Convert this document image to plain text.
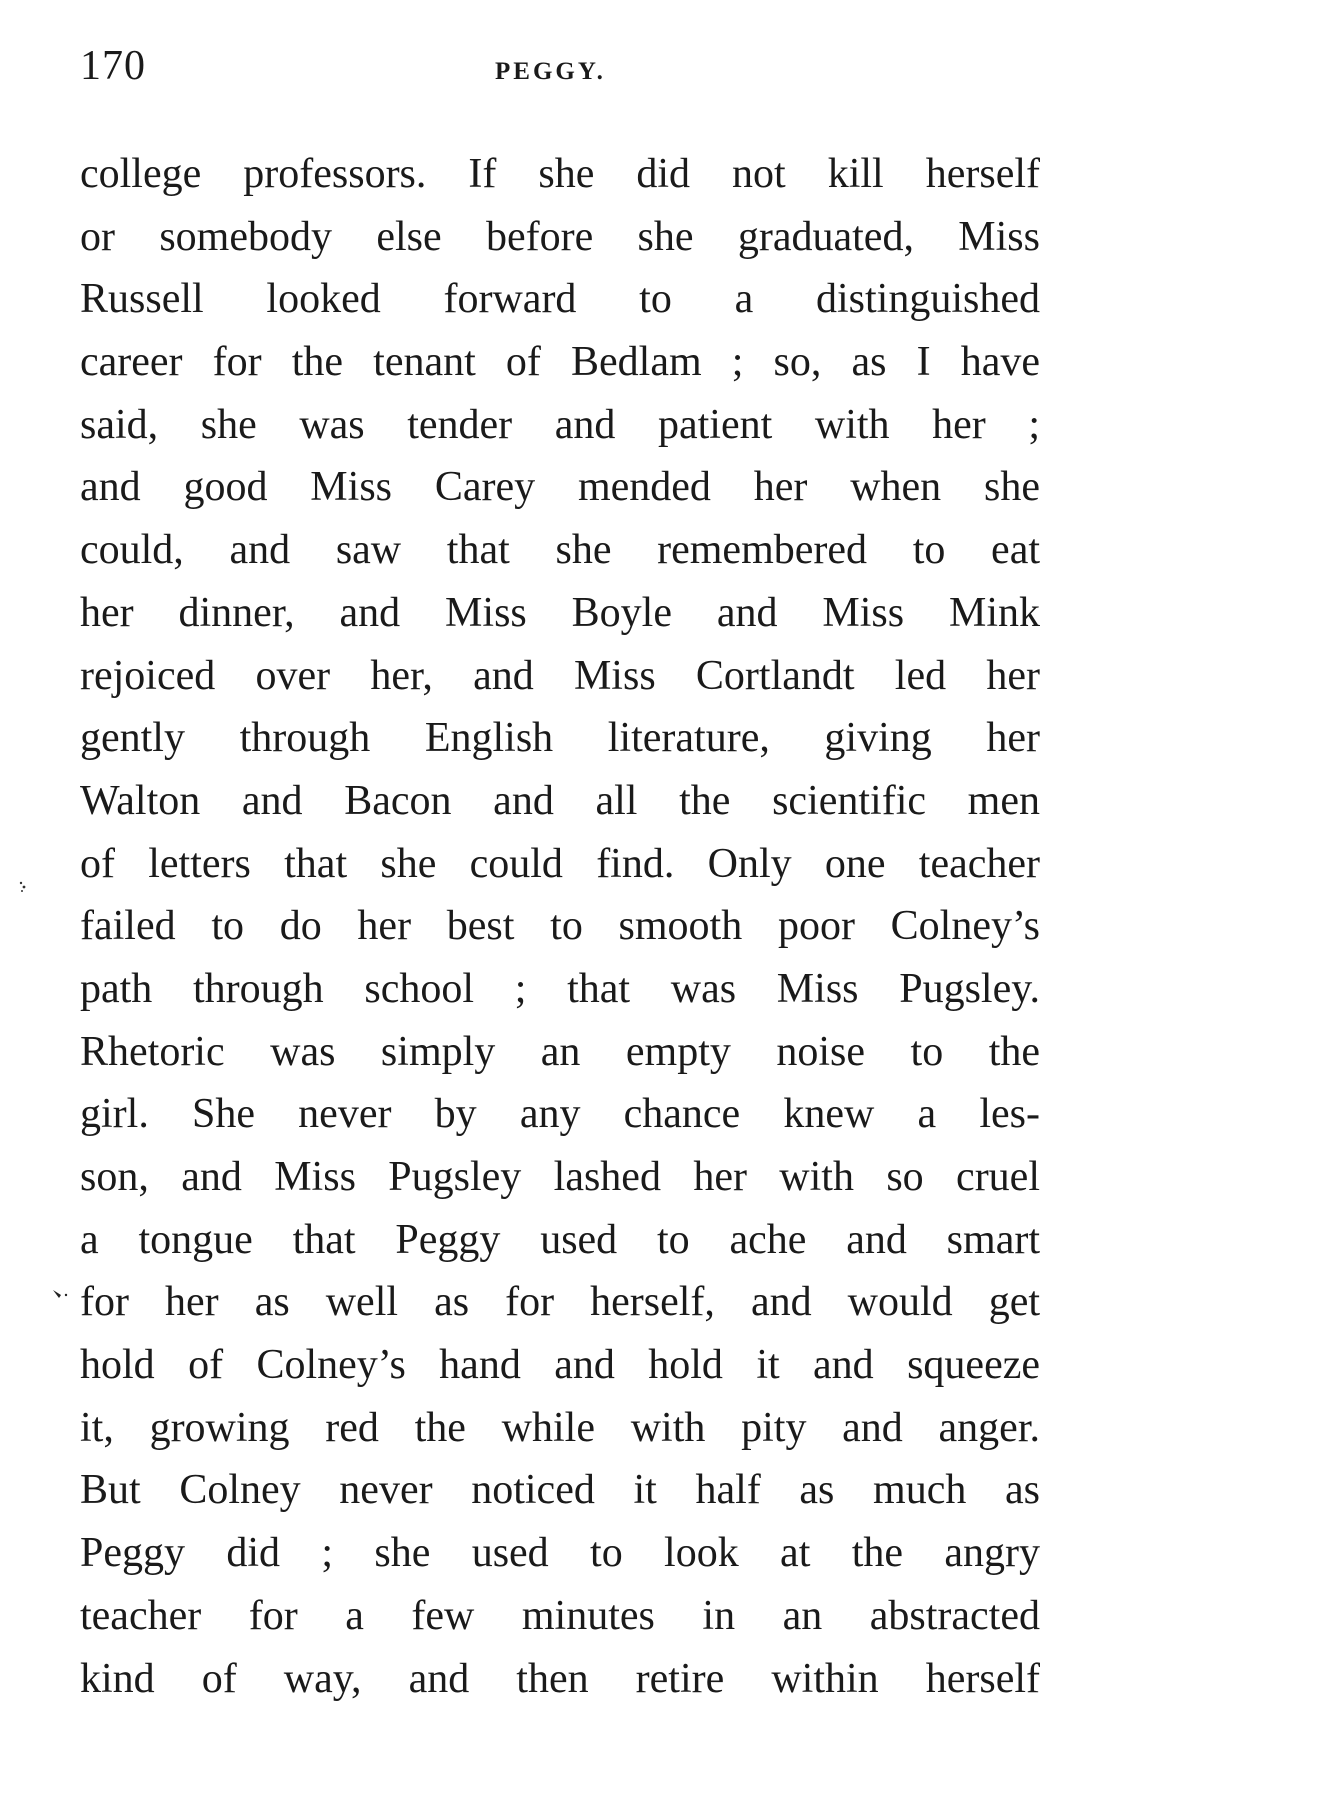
170	PEGGY.
college professors. If she did not kill herself
or somebody else before she graduated, Miss
Russell looked forward to a distinguished
career for the tenant of Bedlam ; so, as I have
said, she was tender and patient with her ;
and good Miss Carey mended her when she
could, and saw that she remembered to eat
her dinner, and Miss Boyle and Miss Mink
rejoiced over her, and Miss Cortlandt led her
gently through English literature, giving her
Walton and Bacon and all the scientific men
of letters that she could find. Only one teacher
failed to do her best to smooth poor Colney’s
path through school ; that was Miss Pugsley.
Rhetoric was simply an empty noise to the
girl. She never by any chance knew a les-
son, and Miss Pugsley lashed her with so cruel
a tongue that Peggy used to ache and smart
for her as well as for herself, and would get
hold of Colney’s hand and hold it and squeeze
it, growing red the while with pity and anger.
But Colney never noticed it half as much as
Peggy did ; she used to look at the angry
teacher for a few minutes in an abstracted
kind of way, and then retire within herself
